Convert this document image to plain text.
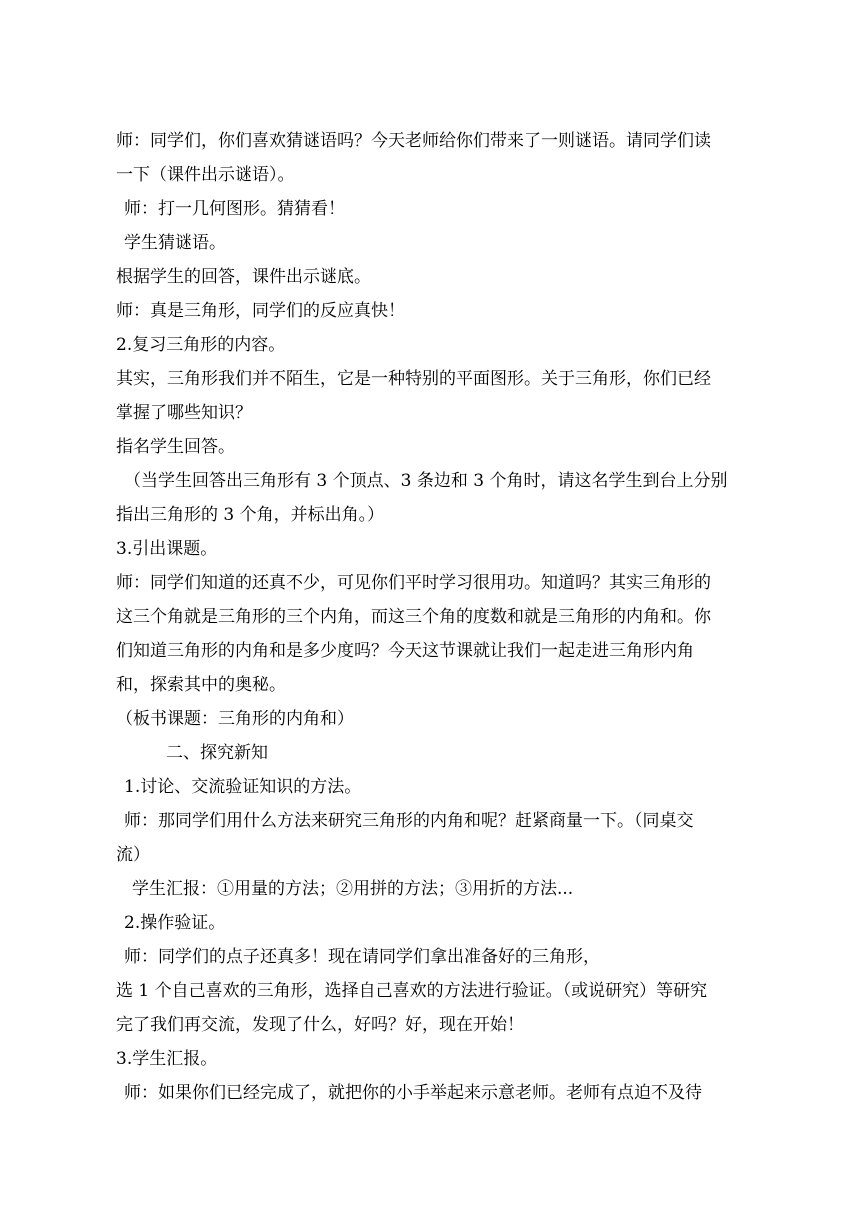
师：同学们，你们喜欢猜谜语吗？今天老师给你们带来了一则谜语。请同学们读
一下（课件出示谜语）。
师：打一几何图形。猜猜看！
学生猜谜语。
根据学生的回答，课件出示谜底。
师：真是三角形，同学们的反应真快！
2.复习三角形的内容。
其实，三角形我们并不陌生，它是一种特别的平面图形。关于三角形，你们已经
掌握了哪些知识？
指名学生回答。
（当学生回答出三角形有 3 个顶点、3 条边和 3 个角时，请这名学生到台上分别
指出三角形的 3 个角，并标出角。）
3.引出课题。
师：同学们知道的还真不少，可见你们平时学习很用功。知道吗？其实三角形的
这三个角就是三角形的三个内角，而这三个角的度数和就是三角形的内角和。你
们知道三角形的内角和是多少度吗？今天这节课就让我们一起走进三角形内角
和，探索其中的奥秘。
（板书课题：三角形的内角和）
二、探究新知
1.讨论、交流验证知识的方法。
师：那同学们用什么方法来研究三角形的内角和呢？赶紧商量一下。（同桌交
流）
学生汇报：①用量的方法；②用拼的方法；③用折的方法...
2.操作验证。
师：同学们的点子还真多！现在请同学们拿出准备好的三角形，
选 1 个自己喜欢的三角形，选择自己喜欢的方法进行验证。（或说研究）等研究
完了我们再交流，发现了什么，好吗？好，现在开始！
3.学生汇报。
师：如果你们已经完成了，就把你的小手举起来示意老师。老师有点迫不及待
